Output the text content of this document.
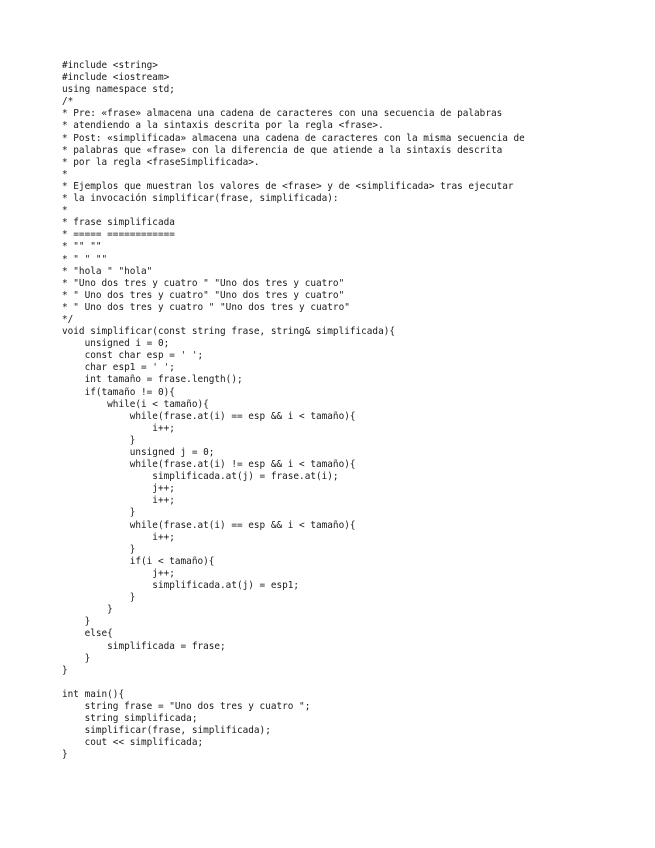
#include <string>
#include <iostream>
using namespace std;
/*
* Pre: «frase» almacena una cadena de caracteres con una secuencia de palabras
* atendiendo a la sintaxis descrita por la regla <frase>.
* Post: «simplificada» almacena una cadena de caracteres con la misma secuencia de
* palabras que «frase» con la diferencia de que atiende a la sintaxis descrita
* por la regla <fraseSimplificada>.
*
* Ejemplos que muestran los valores de <frase> y de <simplificada> tras ejecutar
* la invocación simplificar(frase, simplificada):
*
* frase simplificada
* ===== ============
* "" ""
* " " ""
* "hola " "hola"
* "Uno dos tres y cuatro " "Uno dos tres y cuatro"
* " Uno dos tres y cuatro" "Uno dos tres y cuatro"
* " Uno dos tres y cuatro " "Uno dos tres y cuatro"
*/
void simplificar(const string frase, string& simplificada){
unsigned i = 0;
const char esp = ' ';
char esp1 = ' ';
int tamaño = frase.length();
if(tamaño != 0){
while(i < tamaño){
while(frase.at(i) == esp && i < tamaño){
i++;
}
unsigned j = 0;
while(frase.at(i) != esp && i < tamaño){
simplificada.at(j) = frase.at(i);
j++;
i++;
}
while(frase.at(i) == esp && i < tamaño){
i++;
}
if(i < tamaño){
j++;
simplificada.at(j) = esp1;
}
}
}
else{
simplificada = frase;
}
}
int main(){
string frase = "Uno dos tres y cuatro ";
string simplificada;
simplificar(frase, simplificada);
cout << simplificada;
}
